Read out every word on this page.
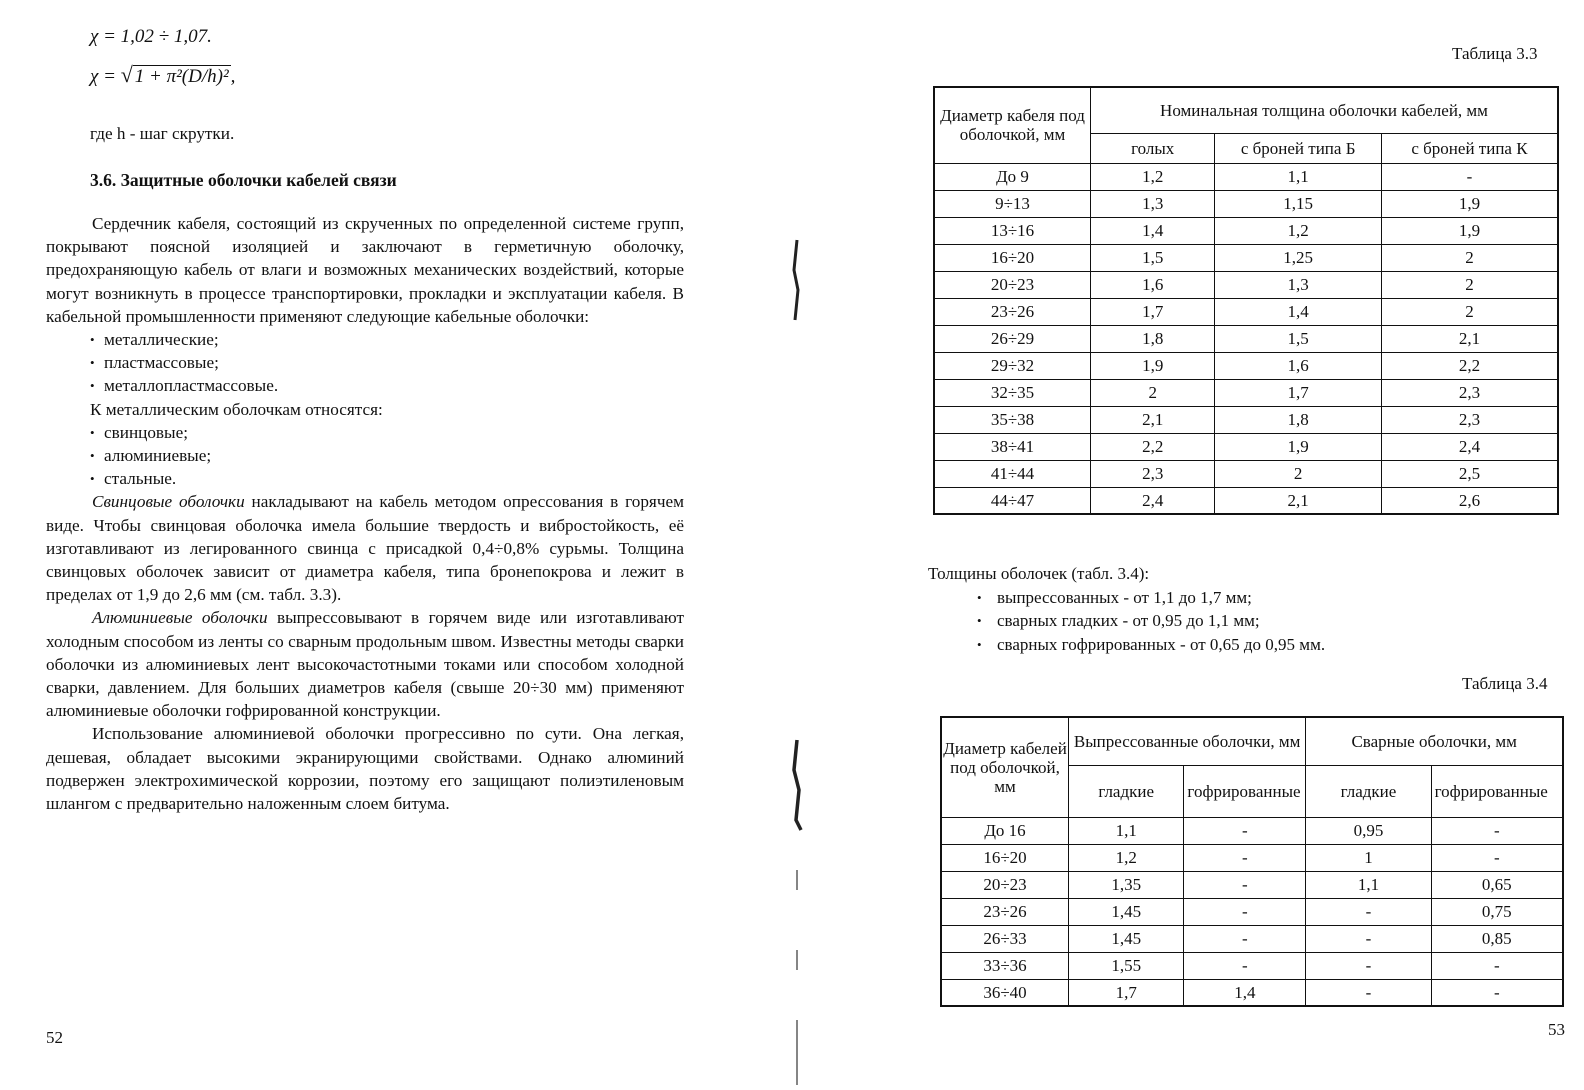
χ = 1,02 ÷ 1,07.
χ = √ 1 + π²(D/h)² ,
где h - шаг скрутки.
3.6. Защитные оболочки кабелей связи

Сердечник кабеля, состоящий из скрученных по определенной системе групп, покрывают поясной изоляцией и заключают в герметичную оболочку, предохраняющую кабель от влаги и возможных механических воздействий, которые могут возникнуть в процессе транспортировки, прокладки и эксплуатации кабеля. В кабельной промышленности применяют следующие кабельные оболочки:

• металлические;
• пластмассовые;
• металлопластмассовые.

К металлическим оболочкам относятся:

• свинцовые;
• алюминиевые;
• стальные.

Свинцовые оболочки накладывают на кабель методом опрессования в горячем виде. Чтобы свинцовая оболочка имела большие твердость и вибростойкость, её изготавливают из легированного свинца с присадкой 0,4÷0,8% сурьмы. Толщина свинцовых оболочек зависит от диаметра кабеля, типа бронепокрова и лежит в пределах от 1,9 до 2,6 мм (см. табл. 3.3).

Алюминиевые оболочки выпрессовывают в горячем виде или изготавливают холодным способом из ленты со сварным продольным швом. Известны методы сварки оболочки из алюминиевых лент высокочастотными токами или способом холодной сварки, давлением. Для больших диаметров кабеля (свыше 20÷30 мм) применяют алюминиевые оболочки гофрированной конструкции.

Использование алюминиевой оболочки прогрессивно по сути. Она легкая, дешевая, обладает высокими экранирующими свойствами. Однако алюминий подвержен электрохимической коррозии, поэтому его защищают полиэтиленовым шлангом с предварительно наложенным слоем битума.

52
Таблица 3.3
Диаметр кабеля под оболочкой, мм	Номинальная толщина оболочки кабелей, мм		
	голых	с броней типа Б	с броней типа К
До 9	1,2	1,1	-
9÷13	1,3	1,15	1,9
13÷16	1,4	1,2	1,9
16÷20	1,5	1,25	2
20÷23	1,6	1,3	2
23÷26	1,7	1,4	2
26÷29	1,8	1,5	2,1
29÷32	1,9	1,6	2,2
32÷35	2	1,7	2,3
35÷38	2,1	1,8	2,3
38÷41	2,2	1,9	2,4
41÷44	2,3	2	2,5
44÷47	2,4	2,1	2,6
Толщины оболочек (табл. 3.4):
• выпрессованных - от 1,1 до 1,7 мм;
• сварных гладких - от 0,95 до 1,1 мм;
• сварных гофрированных - от 0,65 до 0,95 мм.
Таблица 3.4
Диаметр кабелей под оболочкой, мм	Выпрессованные оболочки, мм		Сварные оболочки, мм	
	гладкие	гофрированные	гладкие	гофрированные
До 16	1,1	-	0,95	-
16÷20	1,2	-	1	-
20÷23	1,35	-	1,1	0,65
23÷26	1,45	-	-	0,75
26÷33	1,45	-	-	0,85
33÷36	1,55	-	-	-
36÷40	1,7	1,4	-	-
53
